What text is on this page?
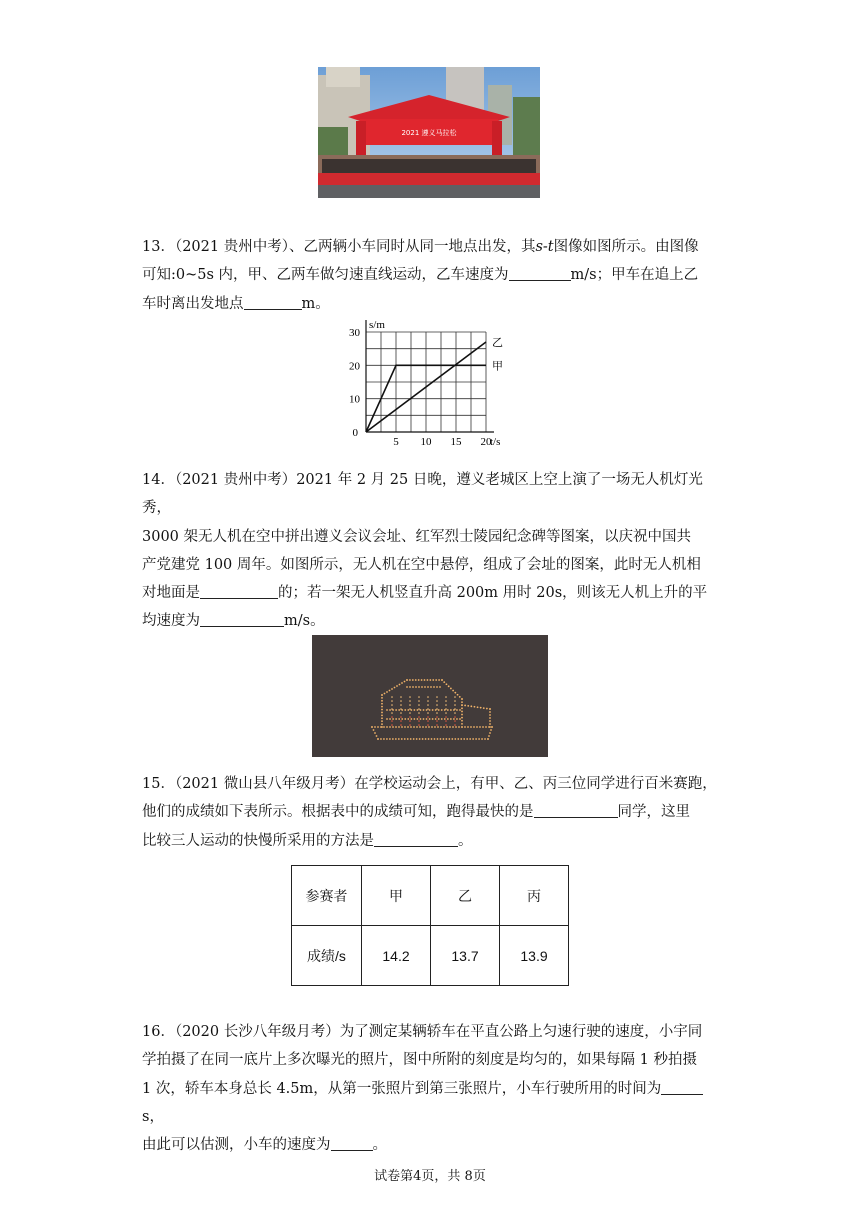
2021 遵义马拉松

13．（2021 贵州中考）、乙两辆小车同时从同一地点出发，其s-t图像如图所示。由图像

可知:0~5s 内，甲、乙两车做匀速直线运动，乙车速度为	m/s；甲车在追上乙

车时离出发地点	m。

甲
乙
5 10 15 20
10
20
30
0
s/m
t/s

14．（2021 贵州中考）2021 年 2 月 25 日晚，遵义老城区上空上演了一场无人机灯光秀，

3000 架无人机在空中拼出遵义会议会址、红军烈士陵园纪念碑等图案，以庆祝中国共

产党建党 100 周年。如图所示，无人机在空中悬停，组成了会址的图案，此时无人机相

对地面是	的；若一架无人机竖直升高 200m 用时 20s，则该无人机上升的平

均速度为	m/s。

15．（2021 微山县八年级月考）在学校运动会上，有甲、乙、丙三位同学进行百米赛跑，

他们的成绩如下表所示。根据表中的成绩可知，跑得最快的是	同学，这里

比较三人运动的快慢所采用的方法是	。

参赛者	甲	乙	丙
成绩/s	14.2	13.7	13.9

16．（2020 长沙八年级月考）为了测定某辆轿车在平直公路上匀速行驶的速度，小宇同

学拍摄了在同一底片上多次曝光的照片，图中所附的刻度是均匀的，如果每隔 1 秒拍摄

1 次，轿车本身总长 4.5m，从第一张照片到第三张照片，小车行驶所用的时间为s，

由此可以估测，小车的速度为	。

试卷第4页，共 8页
